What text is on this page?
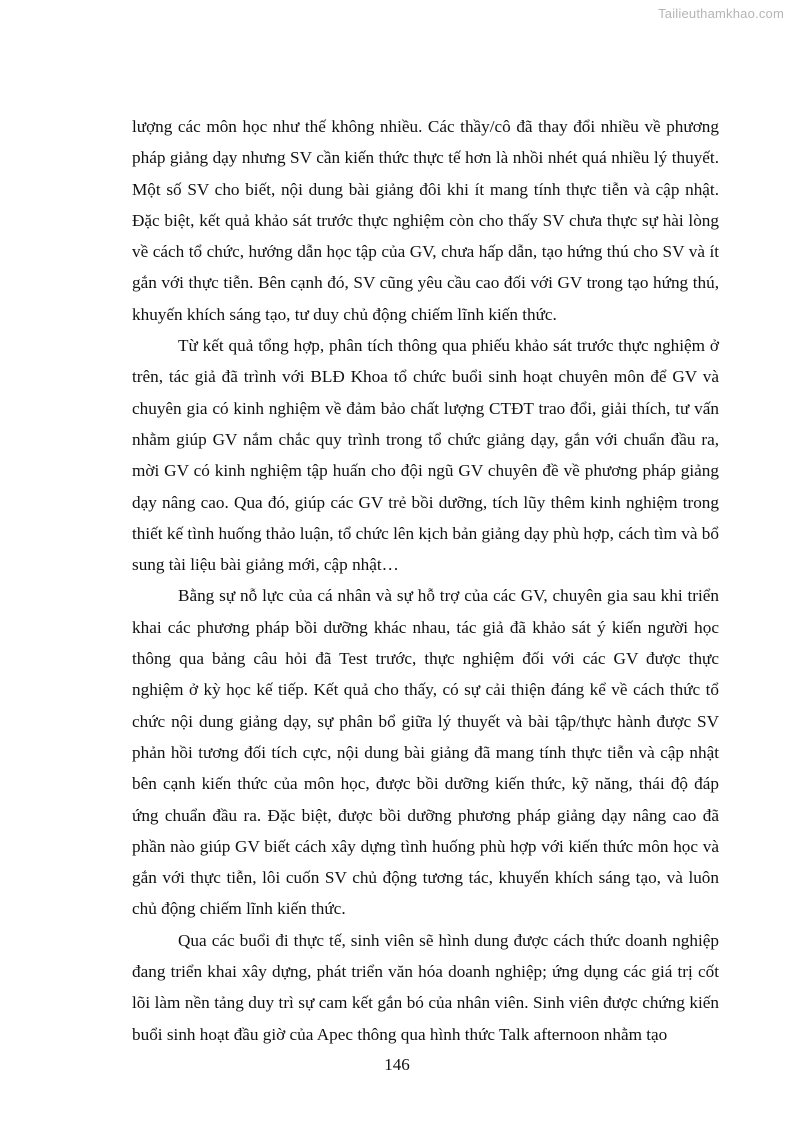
Tailieuthamkhao.com

lượng các môn học như thế không nhiều. Các thầy/cô đã thay đổi nhiều về phương pháp giảng dạy nhưng SV cần kiến thức thực tế hơn là nhồi nhét quá nhiều lý thuyết. Một số SV cho biết, nội dung bài giảng đôi khi ít mang tính thực tiễn và cập nhật. Đặc biệt, kết quả khảo sát trước thực nghiệm còn cho thấy SV chưa thực sự hài lòng về cách tổ chức, hướng dẫn học tập của GV, chưa hấp dẫn, tạo hứng thú cho SV và ít gắn với thực tiễn. Bên cạnh đó, SV cũng yêu cầu cao đối với GV trong tạo hứng thú, khuyến khích sáng tạo, tư duy chủ động chiếm lĩnh kiến thức.

Từ kết quả tổng hợp, phân tích thông qua phiếu khảo sát trước thực nghiệm ở trên, tác giả đã trình với BLĐ Khoa tổ chức buổi sinh hoạt chuyên môn để GV và chuyên gia có kinh nghiệm về đảm bảo chất lượng CTĐT trao đổi, giải thích, tư vấn nhằm giúp GV nắm chắc quy trình trong tổ chức giảng dạy, gắn với chuẩn đầu ra, mời GV có kinh nghiệm tập huấn cho đội ngũ GV chuyên đề về phương pháp giảng dạy nâng cao. Qua đó, giúp các GV trẻ bồi dưỡng, tích lũy thêm kinh nghiệm trong thiết kế tình huống thảo luận, tổ chức lên kịch bản giảng dạy phù hợp, cách tìm và bổ sung tài liệu bài giảng mới, cập nhật…

Bằng sự nỗ lực của cá nhân và sự hỗ trợ của các GV, chuyên gia sau khi triển khai các phương pháp bồi dưỡng khác nhau, tác giả đã khảo sát ý kiến người học thông qua bảng câu hỏi đã Test trước, thực nghiệm đối với các GV được thực nghiệm ở kỳ học kế tiếp. Kết quả cho thấy, có sự cải thiện đáng kể về cách thức tổ chức nội dung giảng dạy, sự phân bổ giữa lý thuyết và bài tập/thực hành được SV phản hồi tương đối tích cực, nội dung bài giảng đã mang tính thực tiễn và cập nhật bên cạnh kiến thức của môn học, được bồi dưỡng kiến thức, kỹ năng, thái độ đáp ứng chuẩn đầu ra. Đặc biệt, được bồi dưỡng phương pháp giảng dạy nâng cao đã phần nào giúp GV biết cách xây dựng tình huống phù hợp với kiến thức môn học và gắn với thực tiễn, lôi cuốn SV chủ động tương tác, khuyến khích sáng tạo, và luôn chủ động chiếm lĩnh kiến thức.

Qua các buổi đi thực tế, sinh viên sẽ hình dung được cách thức doanh nghiệp đang triển khai xây dựng, phát triển văn hóa doanh nghiệp; ứng dụng các giá trị cốt lõi làm nền tảng duy trì sự cam kết gắn bó của nhân viên. Sinh viên được chứng kiến buổi sinh hoạt đầu giờ của Apec thông qua hình thức Talk afternoon nhằm tạo

146
